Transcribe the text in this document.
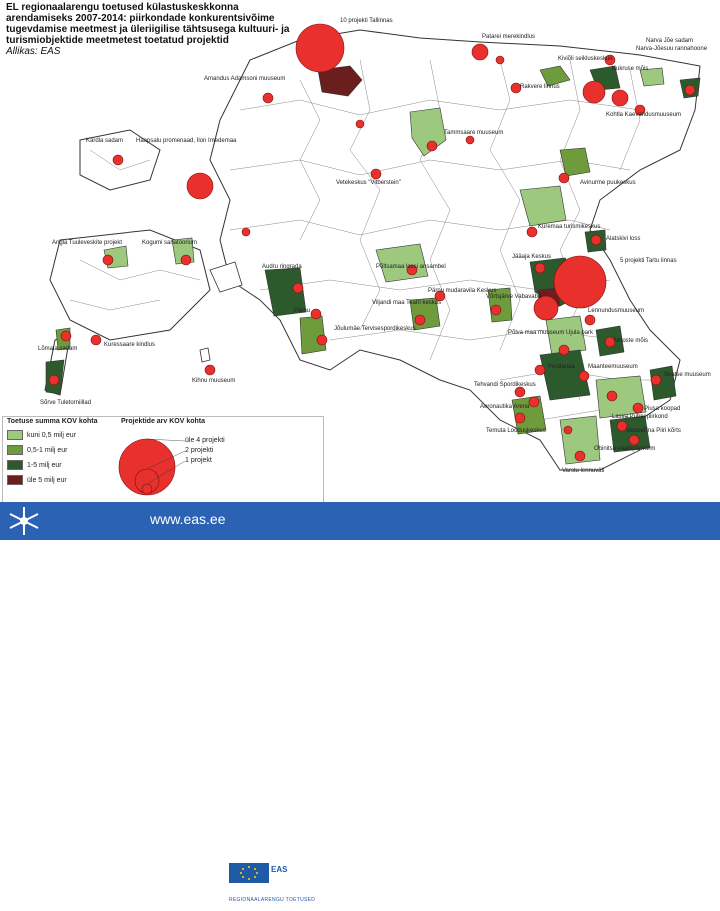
10 projekti Tallinnas
Patarei merekindlus
Narva Jõe sadam
Narva-Jõesuu rannahoone
Kiviõli seikluskeskus
Kukruse mõis
Rakvere linnus
Kohtla Kaevandusmuuseum
Amandus Adamsoni muuseum
Tammsaare muuseum
Kärdla sadam Haapsalu promenaad, Ilon Imedemaa
Vetekeskus "Vitberstein"	Avinurme puukeskus
Angla Tuuleveskite projekt	Kogumi sanatoorium
Audru ringrada
Kuremaa turismikeskus
Alatskivi loss
Jääaja Keskus
5 projekti Tartu linnas
Põltsamaa lossi ansambel
Pärnu mudaravila Keskus
Viljandi maa Teatri keskus
Võrtsjärve Vabavaba
Lennundusmuuseum
Pärnu
Jõulumäe Tervisespordikeskus
Põlva maa muuseum Ujula park
Mooste mõis
Kuressaare kindlus
Lõmala sadam
Kihnu muuseum
Pestlanaa Maanteemuuseum
Tehvandi Spordikeskus
Seatse muuseum
Aeronautika Arena	Piusa koopad
Lasva Puhkepiirkond
Temuta Looduskeskus	Vastseliina Piiri kõrts
Obinitsa vaateplatvorm
Sõrve Tuletorniillad
Varstu lennuväli
EL regionaalarengu toetused külastuskeskkonna arendamiseks 2007-2014: piirkondade konkurentsivõime tugevdamise meetmest ja üleriigilise tähtsusega kultuuri- ja turismiobjektide meetmetest toetatud projektid
Allikas: EAS
Toetuse summa KOV kohta	Projektide arv KOV kohta
kuni 0,5 milj eur
0,5-1 milj eur
1-5 milj eur
üle 5 milj eur
üle 4 projekti
2 projekti
1 projekt
EAS
REGIONAALARENGU TOETUSED
www.eas.ee
